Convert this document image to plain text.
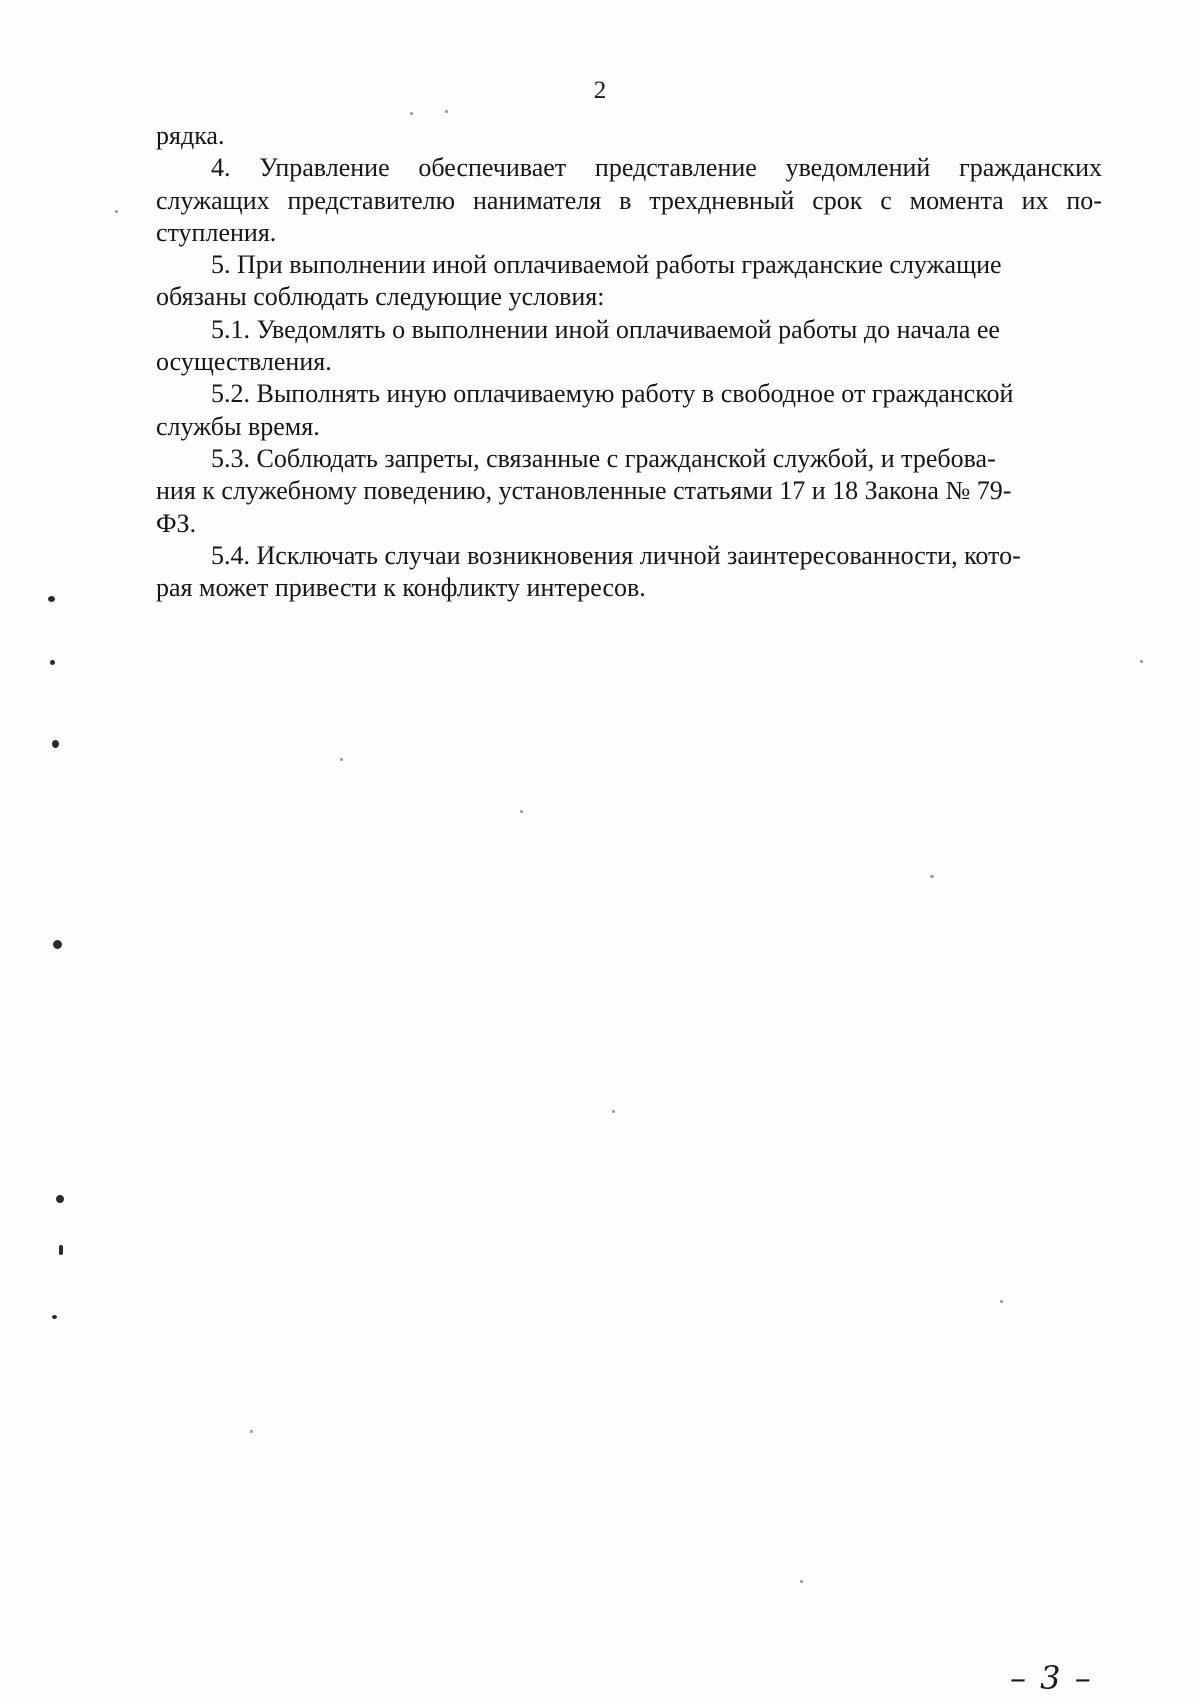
2
рядка.
4. Управление обеспечивает представление уведомлений гражданских
служащих представителю нанимателя в трехдневный срок с момента их по-
ступления.
5. При выполнении иной оплачиваемой работы гражданские служащие
обязаны соблюдать следующие условия:
5.1. Уведомлять о выполнении иной оплачиваемой работы до начала ее
осуществления.
5.2. Выполнять иную оплачиваемую работу в свободное от гражданской
службы время.
5.3. Соблюдать запреты, связанные с гражданской службой, и требова-
ния к служебному поведению, установленные статьями 17 и 18 Закона № 79-
ФЗ.
5.4. Исключать случаи возникновения личной заинтересованности, кото-
рая может привести к конфликту интересов.
– 3 –
